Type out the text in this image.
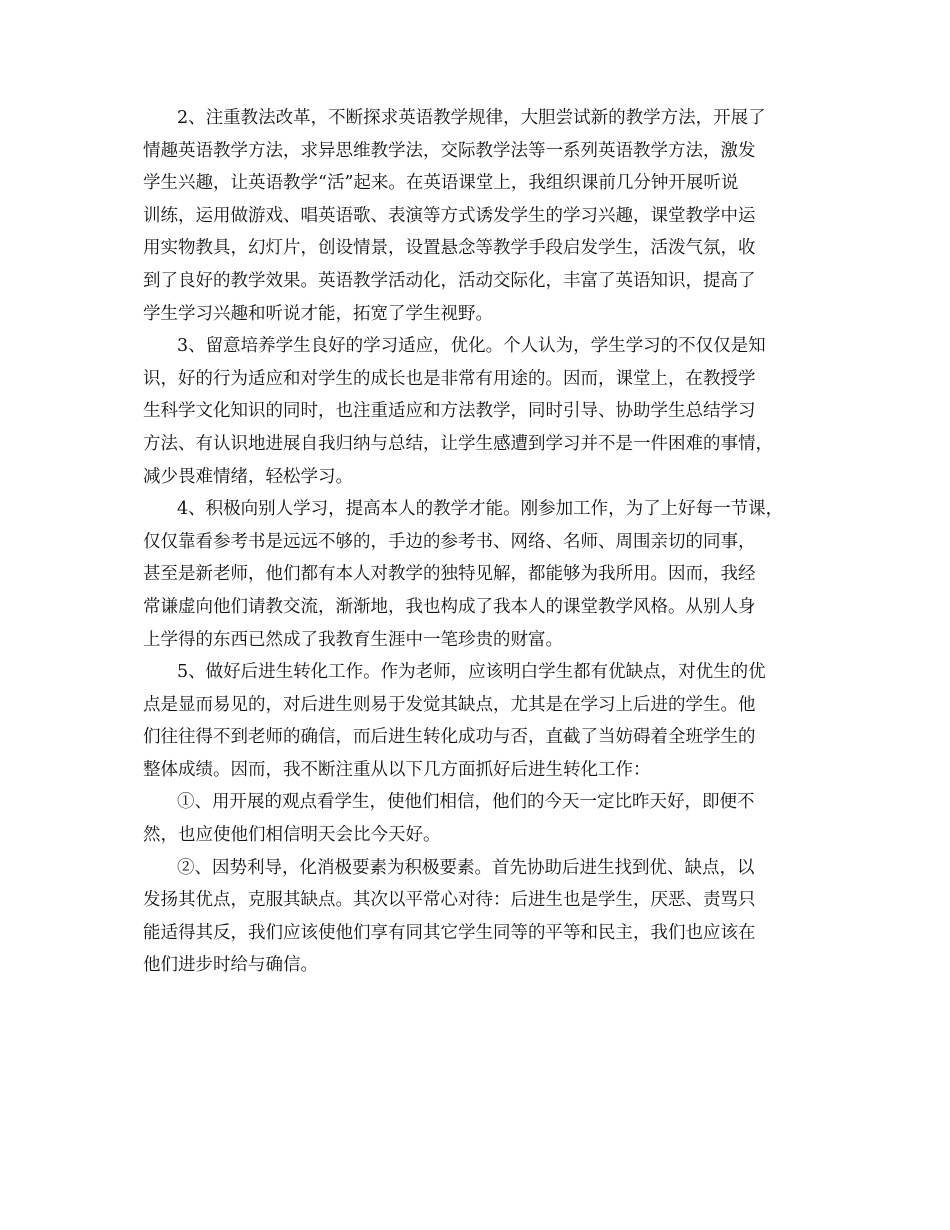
2、注重教法改革，不断探求英语教学规律，大胆尝试新的教学方法，开展了
情趣英语教学方法，求异思维教学法，交际教学法等一系列英语教学方法，激发
学生兴趣，让英语教学“活”起来。在英语课堂上，我组织课前几分钟开展听说
训练，运用做游戏、唱英语歌、表演等方式诱发学生的学习兴趣，课堂教学中运
用实物教具，幻灯片，创设情景，设置悬念等教学手段启发学生，活泼气氛，收
到了良好的教学效果。英语教学活动化，活动交际化，丰富了英语知识，提高了
学生学习兴趣和听说才能，拓宽了学生视野。
3、留意培养学生良好的学习适应，优化。个人认为，学生学习的不仅仅是知
识，好的行为适应和对学生的成长也是非常有用途的。因而，课堂上，在教授学
生科学文化知识的同时，也注重适应和方法教学，同时引导、协助学生总结学习
方法、有认识地进展自我归纳与总结，让学生感遭到学习并不是一件困难的事情，
减少畏难情绪，轻松学习。
4、积极向别人学习，提高本人的教学才能。刚参加工作，为了上好每一节课，
仅仅靠看参考书是远远不够的，手边的参考书、网络、名师、周围亲切的同事，
甚至是新老师，他们都有本人对教学的独特见解，都能够为我所用。因而，我经
常谦虚向他们请教交流，渐渐地，我也构成了我本人的课堂教学风格。从别人身
上学得的东西已然成了我教育生涯中一笔珍贵的财富。
5、做好后进生转化工作。作为老师，应该明白学生都有优缺点，对优生的优
点是显而易见的，对后进生则易于发觉其缺点，尤其是在学习上后进的学生。他
们往往得不到老师的确信，而后进生转化成功与否，直截了当妨碍着全班学生的
整体成绩。因而，我不断注重从以下几方面抓好后进生转化工作：
①、用开展的观点看学生，使他们相信，他们的今天一定比昨天好，即便不
然，也应使他们相信明天会比今天好。
②、因势利导，化消极要素为积极要素。首先协助后进生找到优、缺点，以
发扬其优点，克服其缺点。其次以平常心对待：后进生也是学生，厌恶、责骂只
能适得其反，我们应该使他们享有同其它学生同等的平等和民主，我们也应该在
他们进步时给与确信。
